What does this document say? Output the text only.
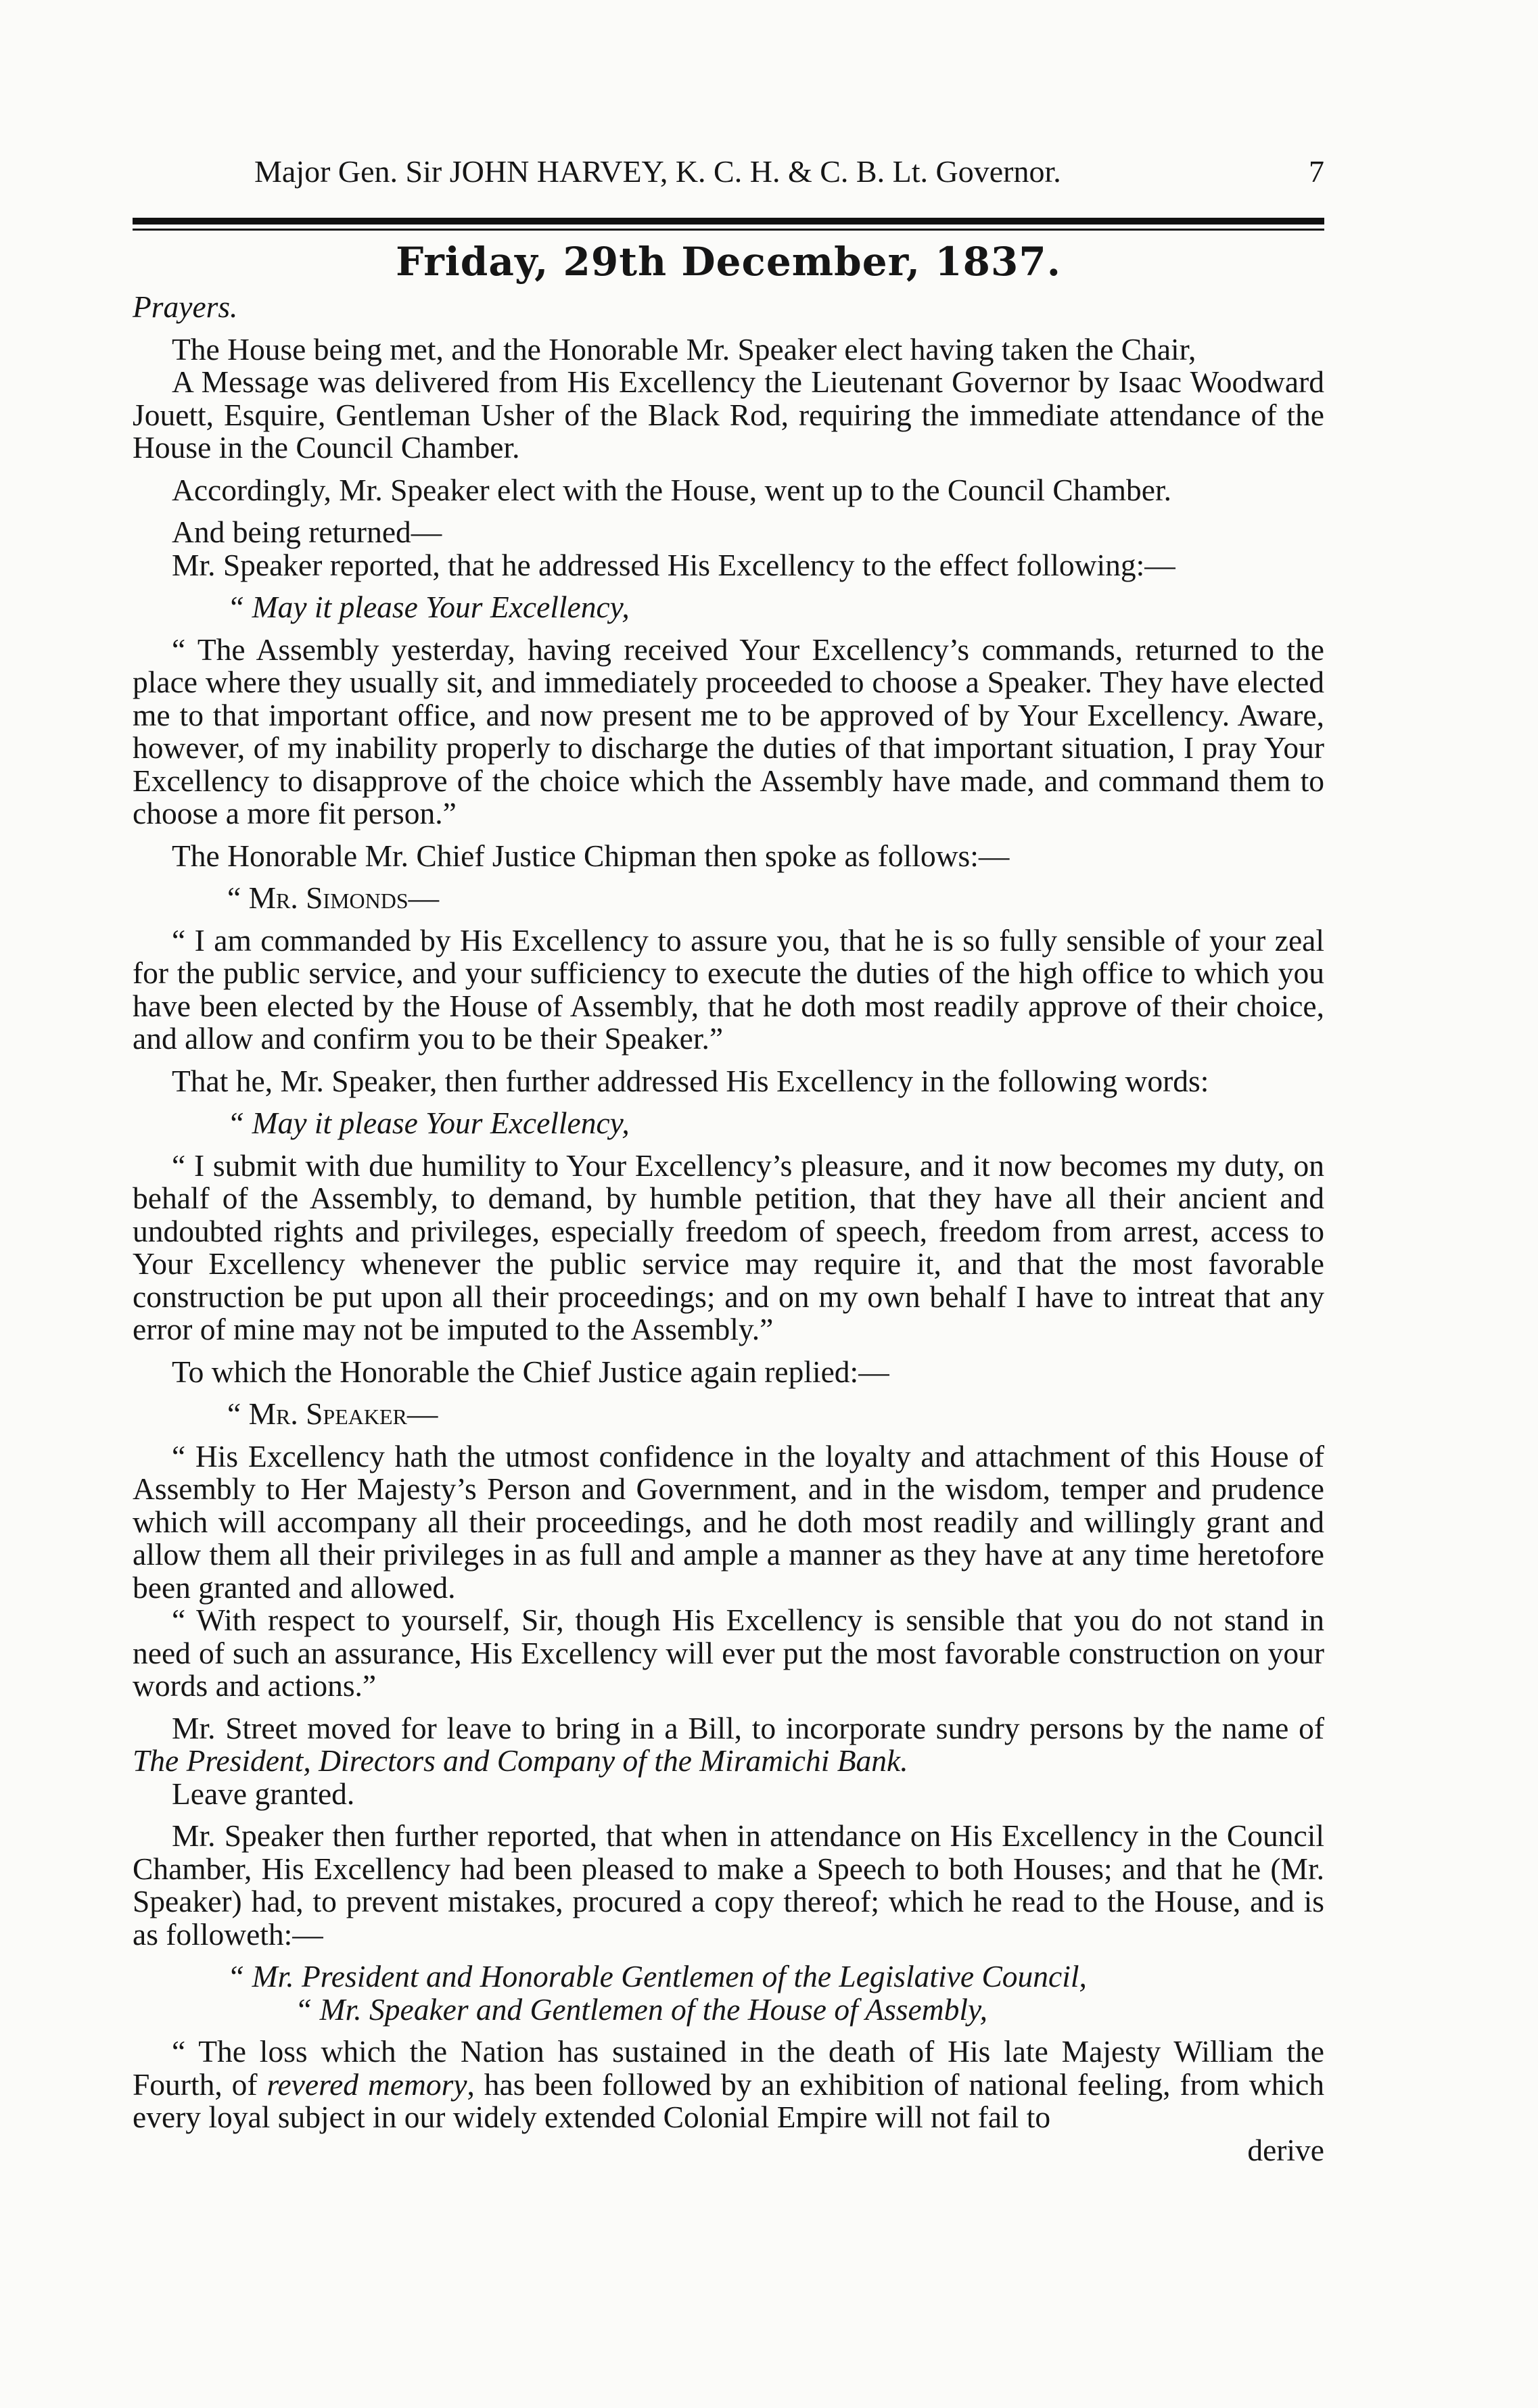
Major Gen. Sir JOHN HARVEY, K. C. H. & C. B. Lt. Governor.	7
Friday, 29th December, 1837.

Prayers.

The House being met, and the Honorable Mr. Speaker elect having taken the Chair,

A Message was delivered from His Excellency the Lieutenant Governor by Isaac Woodward Jouett, Esquire, Gentleman Usher of the Black Rod, requiring the immediate attendance of the House in the Council Chamber.

Accordingly, Mr. Speaker elect with the House, went up to the Council Chamber.

And being returned—

Mr. Speaker reported, that he addressed His Excellency to the effect following:—

“ May it please Your Excellency,

“ The Assembly yesterday, having received Your Excellency’s commands, returned to the place where they usually sit, and immediately proceeded to choose a Speaker. They have elected me to that important office, and now present me to be approved of by Your Excellency. Aware, however, of my inability properly to discharge the duties of that important situation, I pray Your Excellency to disapprove of the choice which the Assembly have made, and command them to choose a more fit person.”

The Honorable Mr. Chief Justice Chipman then spoke as follows:—

“ Mr. Simonds—

“ I am commanded by His Excellency to assure you, that he is so fully sensible of your zeal for the public service, and your sufficiency to execute the duties of the high office to which you have been elected by the House of Assembly, that he doth most readily approve of their choice, and allow and confirm you to be their Speaker.”

That he, Mr. Speaker, then further addressed His Excellency in the following words:

“ May it please Your Excellency,

“ I submit with due humility to Your Excellency’s pleasure, and it now becomes my duty, on behalf of the Assembly, to demand, by humble petition, that they have all their ancient and undoubted rights and privileges, especially freedom of speech, freedom from arrest, access to Your Excellency whenever the public service may require it, and that the most favorable construction be put upon all their proceedings; and on my own behalf I have to intreat that any error of mine may not be imputed to the Assembly.”

To which the Honorable the Chief Justice again replied:—

“ Mr. Speaker—

“ His Excellency hath the utmost confidence in the loyalty and attachment of this House of Assembly to Her Majesty’s Person and Government, and in the wisdom, temper and prudence which will accompany all their proceedings, and he doth most readily and willingly grant and allow them all their privileges in as full and ample a manner as they have at any time heretofore been granted and allowed.

“ With respect to yourself, Sir, though His Excellency is sensible that you do not stand in need of such an assurance, His Excellency will ever put the most favorable construction on your words and actions.”

Mr. Street moved for leave to bring in a Bill, to incorporate sundry persons by the name of The President, Directors and Company of the Miramichi Bank.

Leave granted.

Mr. Speaker then further reported, that when in attendance on His Excellency in the Council Chamber, His Excellency had been pleased to make a Speech to both Houses; and that he (Mr. Speaker) had, to prevent mistakes, procured a copy thereof; which he read to the House, and is as followeth:—

“ Mr. President and Honorable Gentlemen of the Legislative Council,

“ Mr. Speaker and Gentlemen of the House of Assembly,

“ The loss which the Nation has sustained in the death of His late Majesty William the Fourth, of revered memory, has been followed by an exhibition of national feeling, from which every loyal subject in our widely extended Colonial Empire will not fail to

derive
